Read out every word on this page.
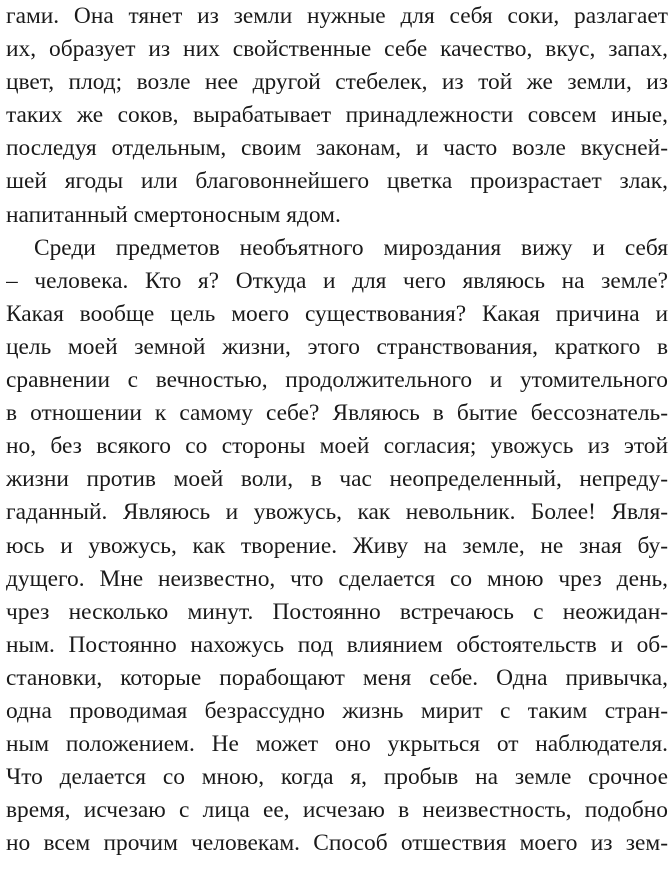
гами. Она тянет из земли нужные для себя соки, разлагает
их, образует из них свойственные себе качество, вкус, запах,
цвет, плод; возле нее другой стебелек, из той же земли, из
таких же соков, вырабатывает принадлежности совсем иные,
последуя отдельным, своим законам, и часто возле вкусней-
шей ягоды или благовоннейшего цветка произрастает злак,
напитанный смертоносным ядом.
Среди предметов необъятного мироздания вижу и себя
– человека. Кто я? Откуда и для чего являюсь на земле?
Какая вообще цель моего существования? Какая причина и
цель моей земной жизни, этого странствования, краткого в
сравнении с вечностью, продолжительного и утомительного
в отношении к самому себе? Являюсь в бытие бессознатель-
но, без всякого со стороны моей согласия; увожусь из этой
жизни против моей воли, в час неопределенный, непреду-
гаданный. Являюсь и увожусь, как невольник. Более! Явля-
юсь и увожусь, как творение. Живу на земле, не зная бу-
дущего. Мне неизвестно, что сделается со мною чрез день,
чрез несколько минут. Постоянно встречаюсь с неожидан-
ным. Постоянно нахожусь под влиянием обстоятельств и об-
становки, которые порабощают меня себе. Одна привычка,
одна проводимая безрассудно жизнь мирит с таким стран-
ным положением. Не может оно укрыться от наблюдателя.
Что делается со мною, когда я, пробыв на земле срочное
время, исчезаю с лица ее, исчезаю в неизвестность, подобно
но всем прочим человекам. Способ отшествия моего из зем-
